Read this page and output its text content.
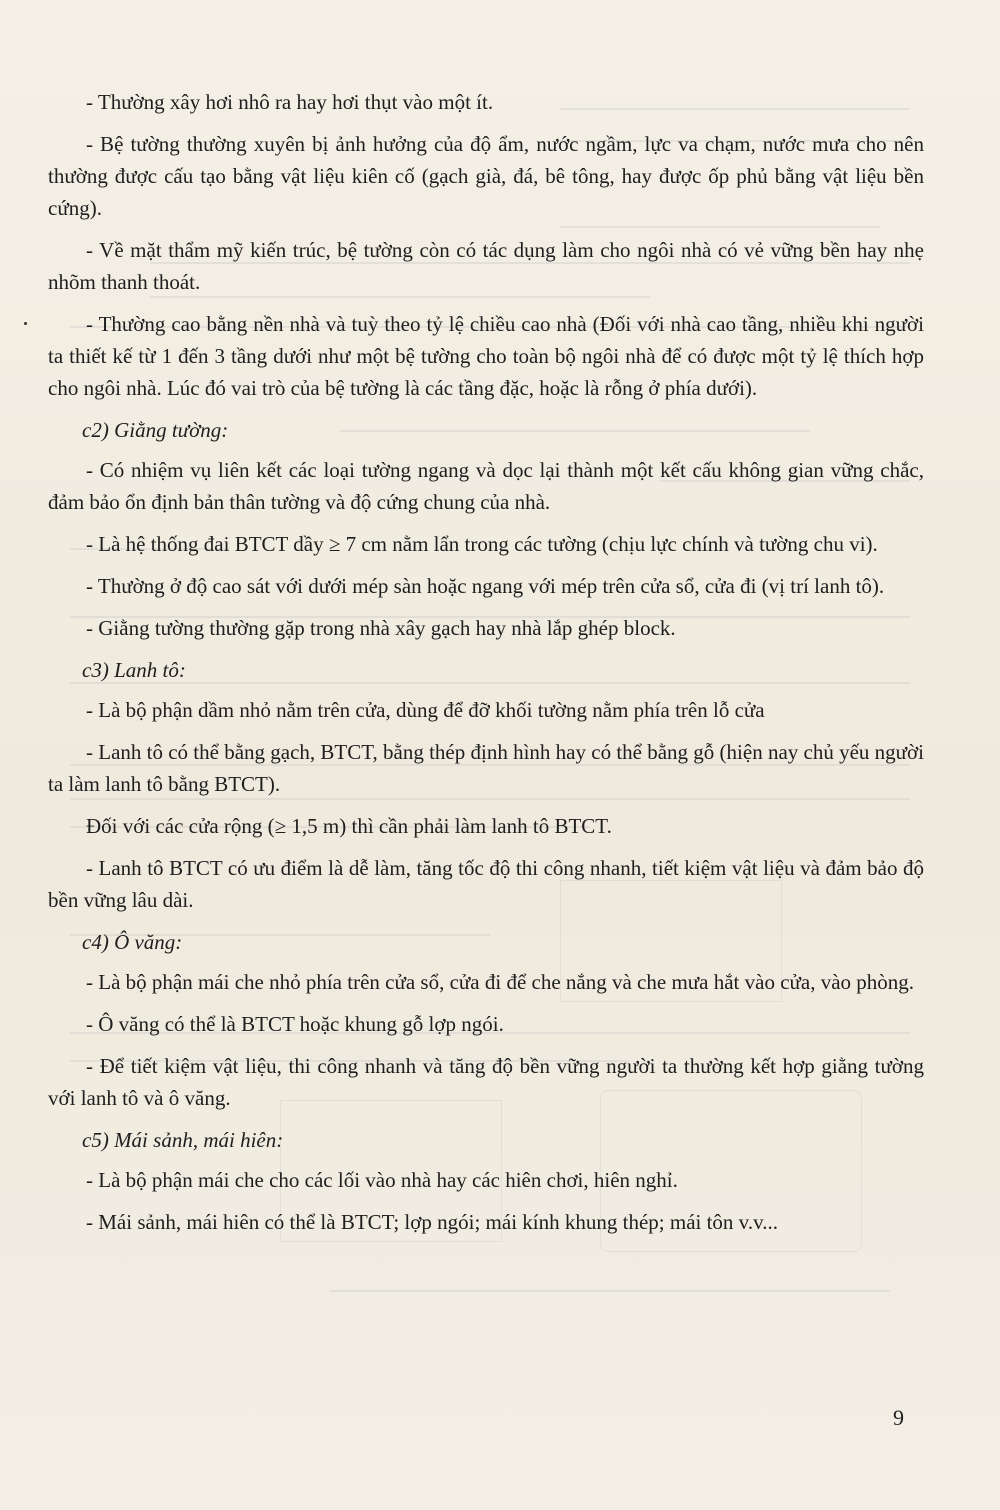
- Thường xây hơi nhô ra hay hơi thụt vào một ít.

- Bệ tường thường xuyên bị ảnh hưởng của độ ẩm, nước ngầm, lực va chạm, nước mưa cho nên thường được cấu tạo bằng vật liệu kiên cố (gạch già, đá, bê tông, hay được ốp phủ bằng vật liệu bền cứng).

- Về mặt thẩm mỹ kiến trúc, bệ tường còn có tác dụng làm cho ngôi nhà có vẻ vững bền hay nhẹ nhõm thanh thoát.

- Thường cao bằng nền nhà và tuỳ theo tỷ lệ chiều cao nhà (Đối với nhà cao tầng, nhiều khi người ta thiết kế từ 1 đến 3 tầng dưới như một bệ tường cho toàn bộ ngôi nhà để có được một tỷ lệ thích hợp cho ngôi nhà. Lúc đó vai trò của bệ tường là các tầng đặc, hoặc là rỗng ở phía dưới).

c2) Giằng tường:

- Có nhiệm vụ liên kết các loại tường ngang và dọc lại thành một kết cấu không gian vững chắc, đảm bảo ổn định bản thân tường và độ cứng chung của nhà.

- Là hệ thống đai BTCT dầy ≥ 7 cm nằm lẩn trong các tường (chịu lực chính và tường chu vi).

- Thường ở độ cao sát với dưới mép sàn hoặc ngang với mép trên cửa sổ, cửa đi (vị trí lanh tô).

- Giằng tường thường gặp trong nhà xây gạch hay nhà lắp ghép block.

c3) Lanh tô:

- Là bộ phận dầm nhỏ nằm trên cửa, dùng để đỡ khối tường nằm phía trên lỗ cửa

- Lanh tô có thể bằng gạch, BTCT, bằng thép định hình hay có thể bằng gỗ (hiện nay chủ yếu người ta làm lanh tô bằng BTCT).

Đối với các cửa rộng (≥ 1,5 m) thì cần phải làm lanh tô BTCT.

- Lanh tô BTCT có ưu điểm là dễ làm, tăng tốc độ thi công nhanh, tiết kiệm vật liệu và đảm bảo độ bền vững lâu dài.

c4) Ô văng:

- Là bộ phận mái che nhỏ phía trên cửa sổ, cửa đi để che nắng và che mưa hắt vào cửa, vào phòng.

- Ô văng có thể là BTCT hoặc khung gỗ lợp ngói.

- Để tiết kiệm vật liệu, thi công nhanh và tăng độ bền vững người ta thường kết hợp giằng tường với lanh tô và ô văng.

c5) Mái sảnh, mái hiên:

- Là bộ phận mái che cho các lối vào nhà hay các hiên chơi, hiên nghỉ.

- Mái sảnh, mái hiên có thể là BTCT; lợp ngói; mái kính khung thép; mái tôn v.v...

9
